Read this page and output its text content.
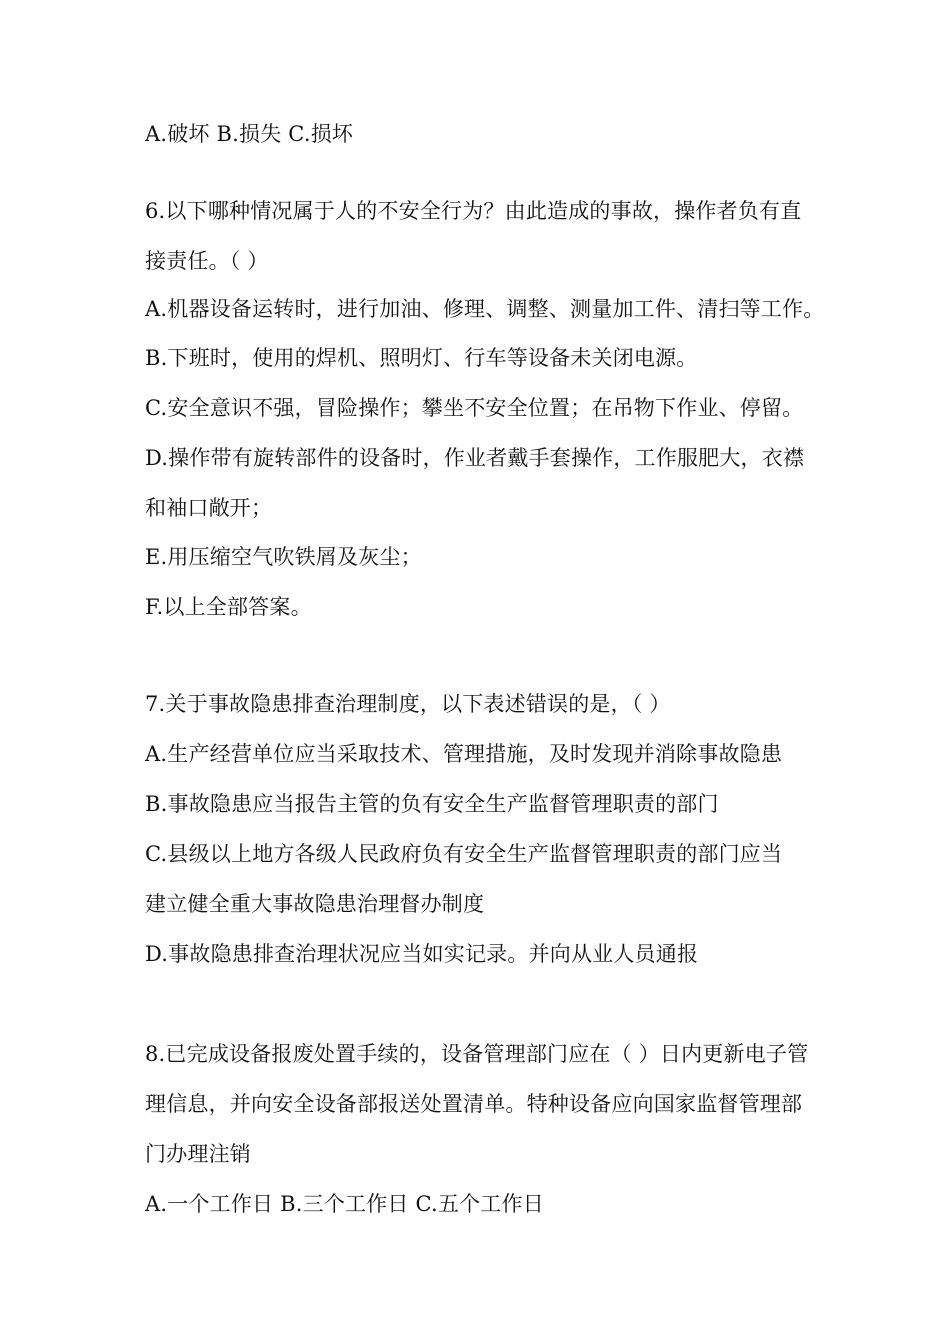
A.破坏 B.损失 C.损坏
6.以下哪种情况属于人的不安全行为？由此造成的事故，操作者负有直
接责任。（ ）
A.机器设备运转时，进行加油、修理、调整、测量加工件、清扫等工作。
B.下班时，使用的焊机、照明灯、行车等设备未关闭电源。
C.安全意识不强，冒险操作；攀坐不安全位置；在吊物下作业、停留。
D.操作带有旋转部件的设备时，作业者戴手套操作，工作服肥大，衣襟
和袖口敞开；
E.用压缩空气吹铁屑及灰尘；
F.以上全部答案。
7.关于事故隐患排查治理制度，以下表述错误的是，（ ）
A.生产经营单位应当采取技术、管理措施，及时发现并消除事故隐患
B.事故隐患应当报告主管的负有安全生产监督管理职责的部门
C.县级以上地方各级人民政府负有安全生产监督管理职责的部门应当
建立健全重大事故隐患治理督办制度
D.事故隐患排查治理状况应当如实记录。并向从业人员通报
8.已完成设备报废处置手续的，设备管理部门应在（ ）日内更新电子管
理信息，并向安全设备部报送处置清单。特种设备应向国家监督管理部
门办理注销
A.一个工作日 B.三个工作日 C.五个工作日
